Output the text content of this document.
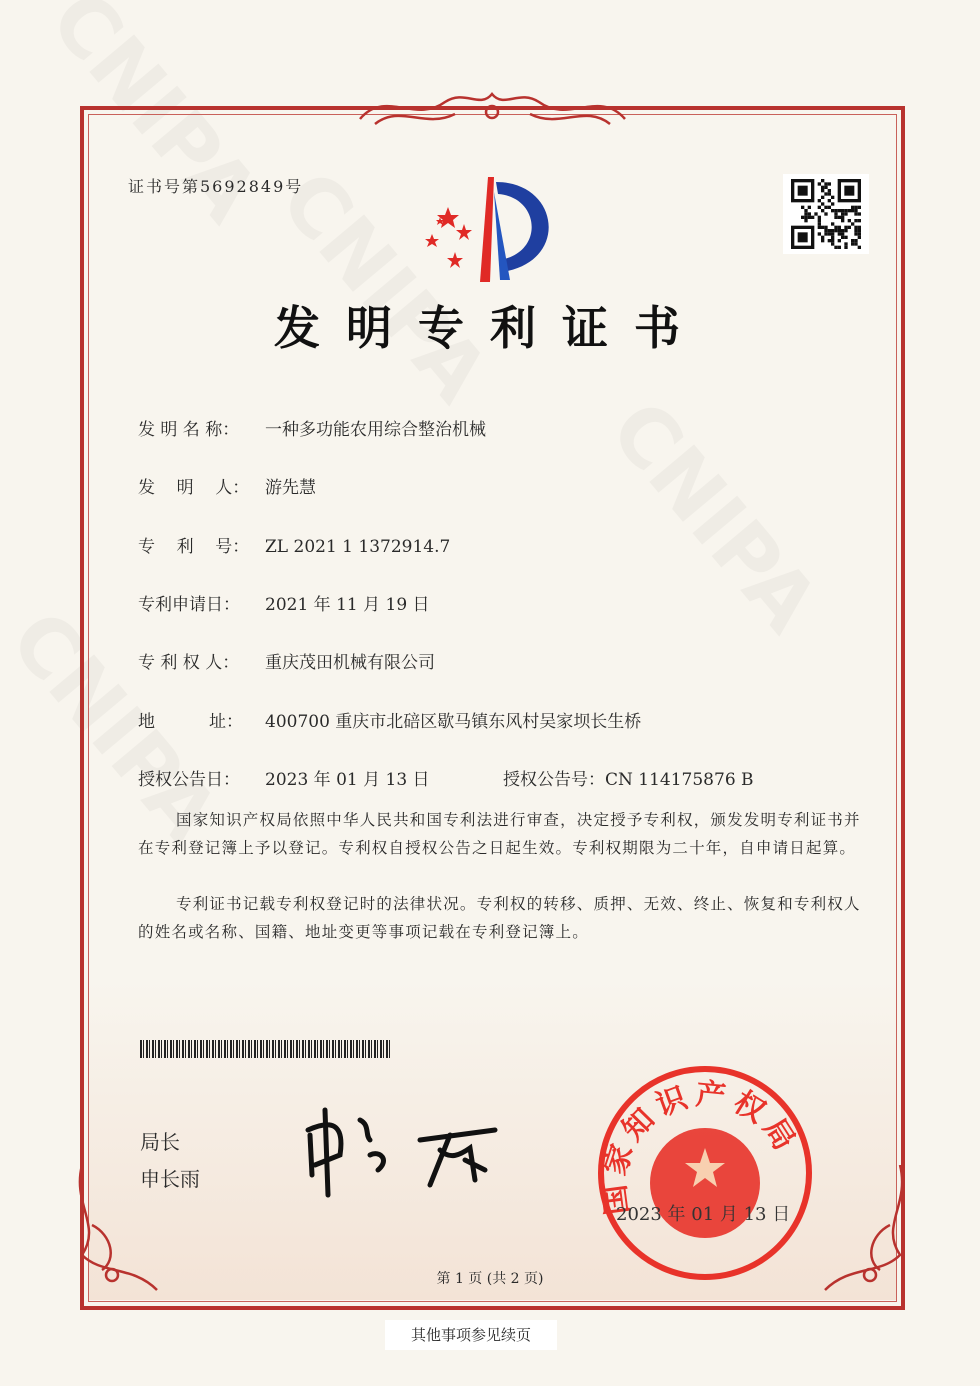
证书号第5692849号
发明专利证书
发 明 名 称： 一种多功能农用综合整治机械
发    明    人： 游先慧
专    利    号： ZL 2021 1 1372914.7
专利申请日： 2021 年 11 月 19 日
专 利 权 人： 重庆茂田机械有限公司
地          址： 400700 重庆市北碚区歇马镇东风村吴家坝长生桥
授权公告日： 2023 年 01 月 13 日	授权公告号：CN 114175876 B
国家知识产权局依照中华人民共和国专利法进行审查，决定授予专利权，颁发发明专利证书并在专利登记簿上予以登记。专利权自授权公告之日起生效。专利权期限为二十年，自申请日起算。
专利证书记载专利权登记时的法律状况。专利权的转移、质押、无效、终止、恢复和专利权人的姓名或名称、国籍、地址变更等事项记载在专利登记簿上。
局长
申长雨	国家知识产权局
2023 年 01 月 13 日
第 1 页 (共 2 页)
其他事项参见续页
